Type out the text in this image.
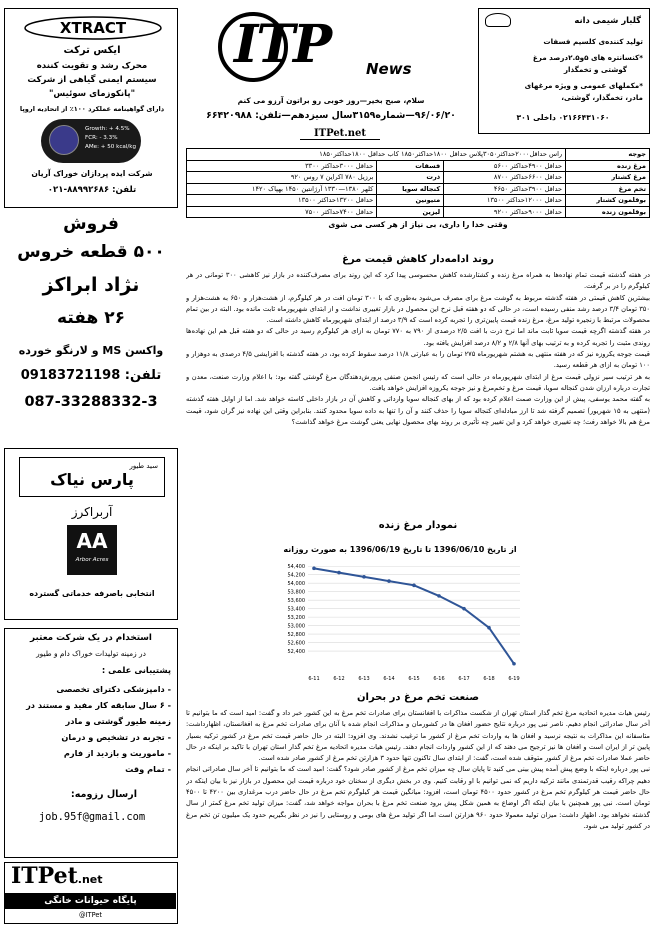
XTRACT
ایکس ترکت
محرک رشد و تقویت کننده
سیستم ایمنی گیاهی از شرکت
"پانکوزمای سوئیس"
دارای گواهینامه عملکرد ۱۰۰٪ از اتحادیه اروپا
Growth: + 4.5%
FCR: - 3.3%
AMe: + 50 kcal/kg
شرکت ایده پردازان خوراک آریان
تلفن: ۸۸۹۹۲۶۸۶-۰۲۱
فروش
۵۰۰ قطعه خروس
نژاد ابراکز
۲۶ هفته
واکسن MS و لارنگو خورده
تلفن: 09183721198
087-33288332-3
سید طیور
پارس نیاک
آربراکرز
AA
Arbor Acres
انتخابی باصرفه خدماتی گسترده
استخدام در یک شرکت معتبر
در زمینه تولیدات خوراک دام و طیور
پشتیبانی علمی :
- دامپزشکی دکترای تخصصی
- ۶ سال سابقه کار مفید و مستند در
زمینه طیور گوشتی و مادر
- تجربه در تشخیص و درمان
- ماموریت و بازدید از فارم
- تمام وقت
ارسال رزومه:
job.95f@gmail.com
ITPet.net
پایگاه حیوانات خانگی
@ITPet
ITP News
سلام، صبح بخیر—روز خوبی رو براتون آرزو می کنم
۹۶/۰۶/۲۰—شماره۳۱۵۹سال سیزدهم—تلفن: ۶۶۴۲۰۹۸۸
ITPet.net
گلبار شیمی دانه
تولید کننده‌ی کلسیم فسفات
*کنسانتره های ۵و۲.۵درصد مرغ
گوشتی و تخمگذار
*مکملهای عمومی و ویژه مرغهای
مادر، تخمگذار، گوشتی،
۰۲۱۶۶۴۳۱۰۶۰ داخلی ۳۰۱
جوجه	راس حداقل۲۰۰۰حداکثر۳۰۵۰پلاس حداقل ۱۸۰۰حداکثر۱۸۵۰ کاب حداقل ۱۸۰۰حداکثر۱۸۵۰		
مرغ زنده	حداقل ۴۹۰۰حداکثر ۵۶۰۰	فسفات	حداقل ۳۰۰۰حداکثر ۳۳۰۰
مرغ کشتار	حداقل ۶۶۰۰حداکثر ۸۷۰۰	ذرت	برزیل ۷۸۰ اکراین ۷ روس ۹۲۰
تخم مرغ	حداقل ۳۹۰۰حداکثر ۴۶۵۰	کنجاله سویا	کلهر ۱۳۸۰—۱۳۳۰ آرژانتین ۱۴۵۰ بهپاک ۱۴۲۰
بوقلمون کشتار	حداقل ۱۲۰۰۰حداکثر ۱۳۵۰۰	متیونین	حداقل ۱۳۲۰۰حداکثر ۱۳۵۰۰
بوقلمون زنده	حداقل ۹۰۰۰حداکثر ۹۲۰۰	لیزین	حداقل ۷۴۰۰حداکثر ۷۵۰۰
وقتی خدا را داری، بی نیاز از هر کسی می شوی
روند ادامه‌دار کاهش قیمت مرغ

در هفته گذشته قیمت تمام نهاده‌ها به همراه مرغ زنده و کشتارشده کاهش محسوسی پیدا کرد که این روند برای مصرف‌کننده در بازار نیز کاهشی ۳۰۰ تومانی در هر کیلوگرم را در بر گرفت.

بیشترین کاهش قیمتی در هفته گذشته مربوط به گوشت مرغ برای مصرف می‌شود به‌طوری که با ۳۰۰ تومان افت در هر کیلوگرم، از هشت‌هزار و ۶۵۰ به هشت‌هزار و ۳۵۰ تومان ۳/۴ درصد رشد منفی رسیده است، در حالی که دو هفته قبل نرخ این محصول در بازار تغییری نداشت و از ابتدای شهریورماه ثابت مانده بود. البته در بین تمام محصولات مرتبط با زنجیره تولید مرغ، مرغ زنده قیمت پایین‌تری را تجربه کرده است که ۳/۹ درصد از ابتدای شهریورماه کاهش داشته است.

در هفته گذشته اگرچه قیمت سویا ثابت ماند اما نرخ ذرت با افت ۲/۵ درصدی از ۷۹۰ به ۷۷۰ تومان به ازای هر کیلوگرم رسید در حالی که دو هفته قبل هم این نهاده‌ها روندی مثبت را تجربه کرده و به ترتیب بهای آنها ۲/۸ و ۸/۲ درصد افزایش یافته بود.

قیمت جوجه یکروزه نیز که در هفته منتهی به هشتم شهریورماه ۲۷۵ تومان را به عبارتی ۱۱/۸ درصد سقوط کرده بود، در هفته گذشته با افزایشی ۴/۵ درصدی به دوهزار و ۱۰۰ تومان به ازای هر قطعه رسید.

به هر ترتیب سیر نزولی قیمت مرغ از ابتدای شهریورماه در حالی است که رئیس انجمن صنفی پرورش‌دهندگان مرغ گوشتی گفته بود: با اعلام وزارت صنعت، معدن و تجارت درباره ارزان شدن کنجاله سویا، قیمت مرغ و تخم‌مرغ و نیز جوجه یکروزه افزایش خواهد یافت.

به گفته محمد یوسفی، پیش از این وزارت صمت اعلام کرده بود که از بهای کنجاله سویا وارداتی و کاهش آن در بازار داخلی کاسته خواهد شد. اما از اوایل هفته گذشته (منتهی به ۱۵ شهریور) تصمیم گرفته شد تا ارز مبادله‌ای کنجاله سویا را حذف کنند و آن را تنها به داده سویا محدود کنند. بنابراین وقتی این نهاده نیز گران شود، قیمت مرغ هم بالا خواهد رفت؛ چه تغییری خواهد کرد و این تغییر چه تأثیری بر روند بهای محصول نهایی یعنی گوشت مرغ خواهد گذاشت؟

نمودار مرغ زنده
از تاریخ 1396/06/10 تا تاریخ 1396/06/19 به صورت روزانه
52,400
52,600
52,800
53,000
53,200
53,400
53,600
53,800
54,000
54,200
54,400
6-11	6-12	6-13	6-14	6-15	6-16	6-17	6-18	6-19
صنعت تخم مرغ در بحران

رئیس هیات مدیره اتحادیه مرغ تخم گذار استان تهران از شکست مذاکرات با افغانستان برای صادرات تخم مرغ به این کشور خبر داد و گفت: امید است که ما بتوانیم تا آخر سال صادراتی انجام دهیم. ناصر نبی پور درباره نتایج حضور افغان ها در کشورمان و مذاکرات انجام شده با آنان برای صادرات تخم مرغ به افغانستان، اظهارداشت: متاسفانه این مذاکرات به نتیجه نرسید و افغان ها به واردات تخم مرغ از کشور ما ترغیب نشدند. وی افزود: البته در حال حاضر قیمت تخم مرغ در کشور ترکیه بسیار پایین تر از ایران است و افغان ها نیز ترجیح می دهند که از این کشور واردات انجام دهند. رئیس هیات مدیره اتحادیه مرغ تخم گذار استان تهران با تاکید بر اینکه در حال حاضر عملا صادرات تخم مرغ از کشور متوقف شده است، گفت: از ابتدای سال تاکنون تنها حدود ۳ هزارتن تخم مرغ از کشور صادر شده است.

نبی پور درباره اینکه با وضع پیش آمده پیش بینی می کنید تا پایان سال چه میزان تخم مرغ از کشور صادر شود؟ گفت: امید است که ما بتوانیم تا آخر سال صادراتی انجام دهیم چراکه رقیب قدرتمندی مانند ترکیه داریم که نمی توانیم با او رقابت کنیم. وی در بخش دیگری از سخنان خود درباره قیمت این محصول در بازار نیز با بیان اینکه در حال حاضر قیمت هر کیلوگرم تخم مرغ در کشور حدود ۴۵۰۰ تومان است، افزود: میانگین قیمت هر کیلوگرم تخم مرغ در حال حاضر درب مرغداری بین ۴۲۰۰ تا ۴۵۰۰ تومان است. نبی پور همچنین با بیان اینکه اگر اوضاع به همین شکل پیش برود صنعت تخم مرغ با بحران مواجه خواهد شد، گفت: میزان تولید تخم مرغ کمتر از سال گذشته نخواهد بود. اظهار داشت: میزان تولید معمولا حدود ۹۶۰ هزارتن است اما اگر تولید مرغ های بومی و روستایی را نیز در نظر بگیریم حدود یک میلیون تن تخم مرغ در کشور تولید می شود.
